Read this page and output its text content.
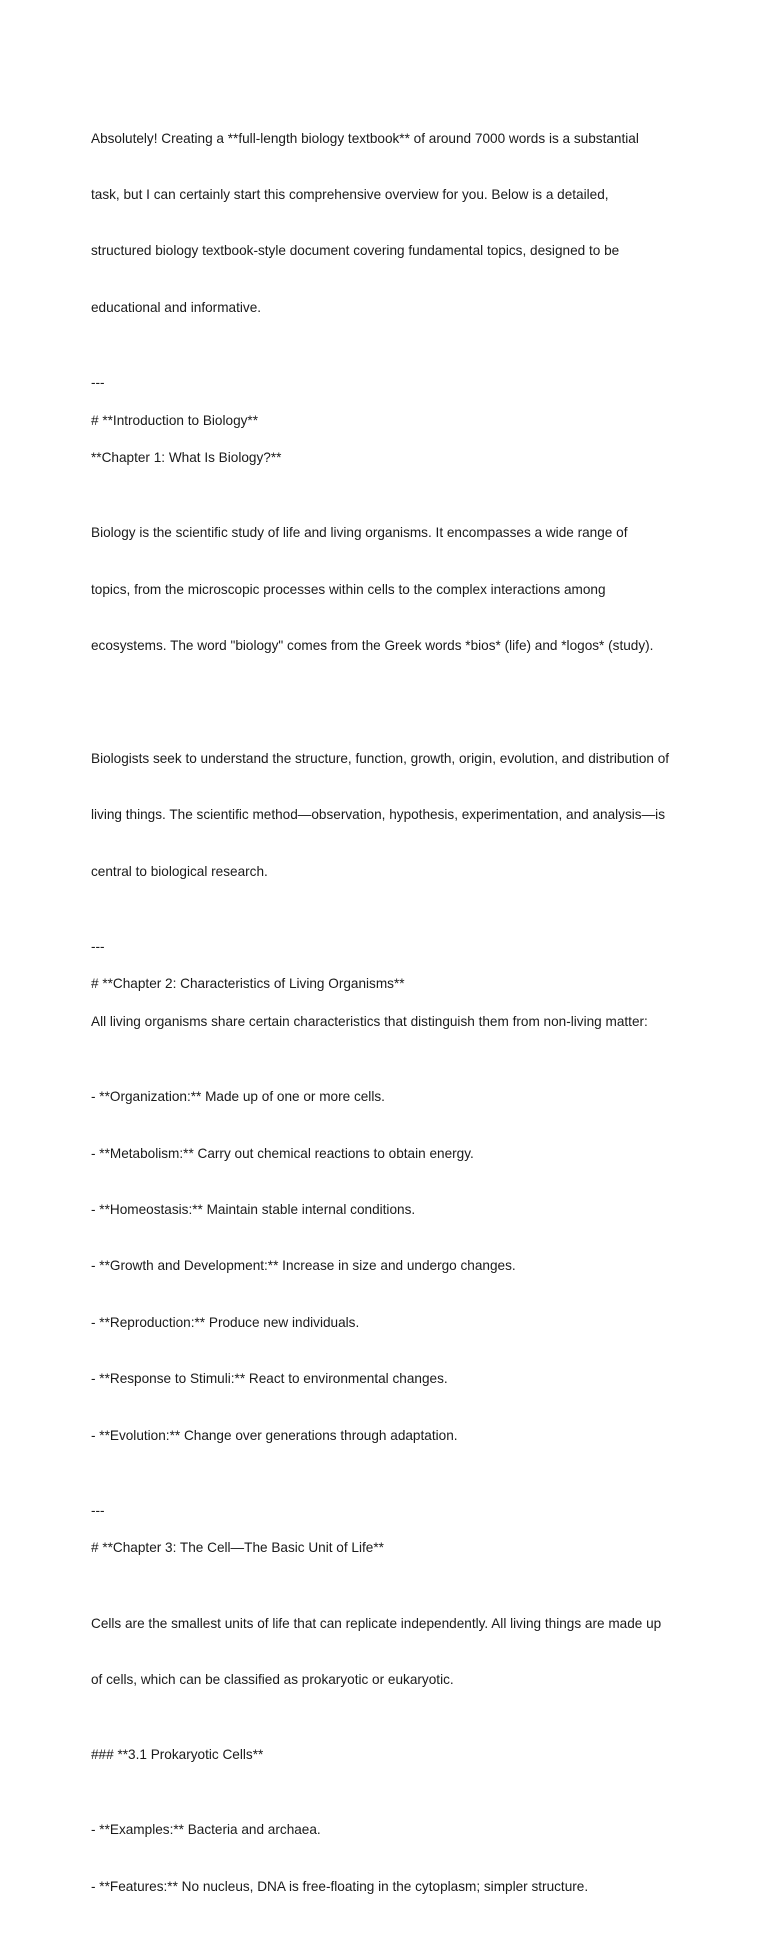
Absolutely! Creating a **full-length biology textbook** of around 7000 words is a substantial

task, but I can certainly start this comprehensive overview for you. Below is a detailed,

structured biology textbook-style document covering fundamental topics, designed to be

educational and informative.

---
# **Introduction to Biology**
**Chapter 1: What Is Biology?**

Biology is the scientific study of life and living organisms. It encompasses a wide range of

topics, from the microscopic processes within cells to the complex interactions among

ecosystems. The word "biology" comes from the Greek words *bios* (life) and *logos* (study).

Biologists seek to understand the structure, function, growth, origin, evolution, and distribution of

living things. The scientific method—observation, hypothesis, experimentation, and analysis—is

central to biological research.

---
# **Chapter 2: Characteristics of Living Organisms**
All living organisms share certain characteristics that distinguish them from non-living matter:

- **Organization:** Made up of one or more cells.

- **Metabolism:** Carry out chemical reactions to obtain energy.

- **Homeostasis:** Maintain stable internal conditions.

- **Growth and Development:** Increase in size and undergo changes.

- **Reproduction:** Produce new individuals.

- **Response to Stimuli:** React to environmental changes.

- **Evolution:** Change over generations through adaptation.

---
# **Chapter 3: The Cell—The Basic Unit of Life**

Cells are the smallest units of life that can replicate independently. All living things are made up

of cells, which can be classified as prokaryotic or eukaryotic.

### **3.1 Prokaryotic Cells**

- **Examples:** Bacteria and archaea.

- **Features:** No nucleus, DNA is free-floating in the cytoplasm; simpler structure.
